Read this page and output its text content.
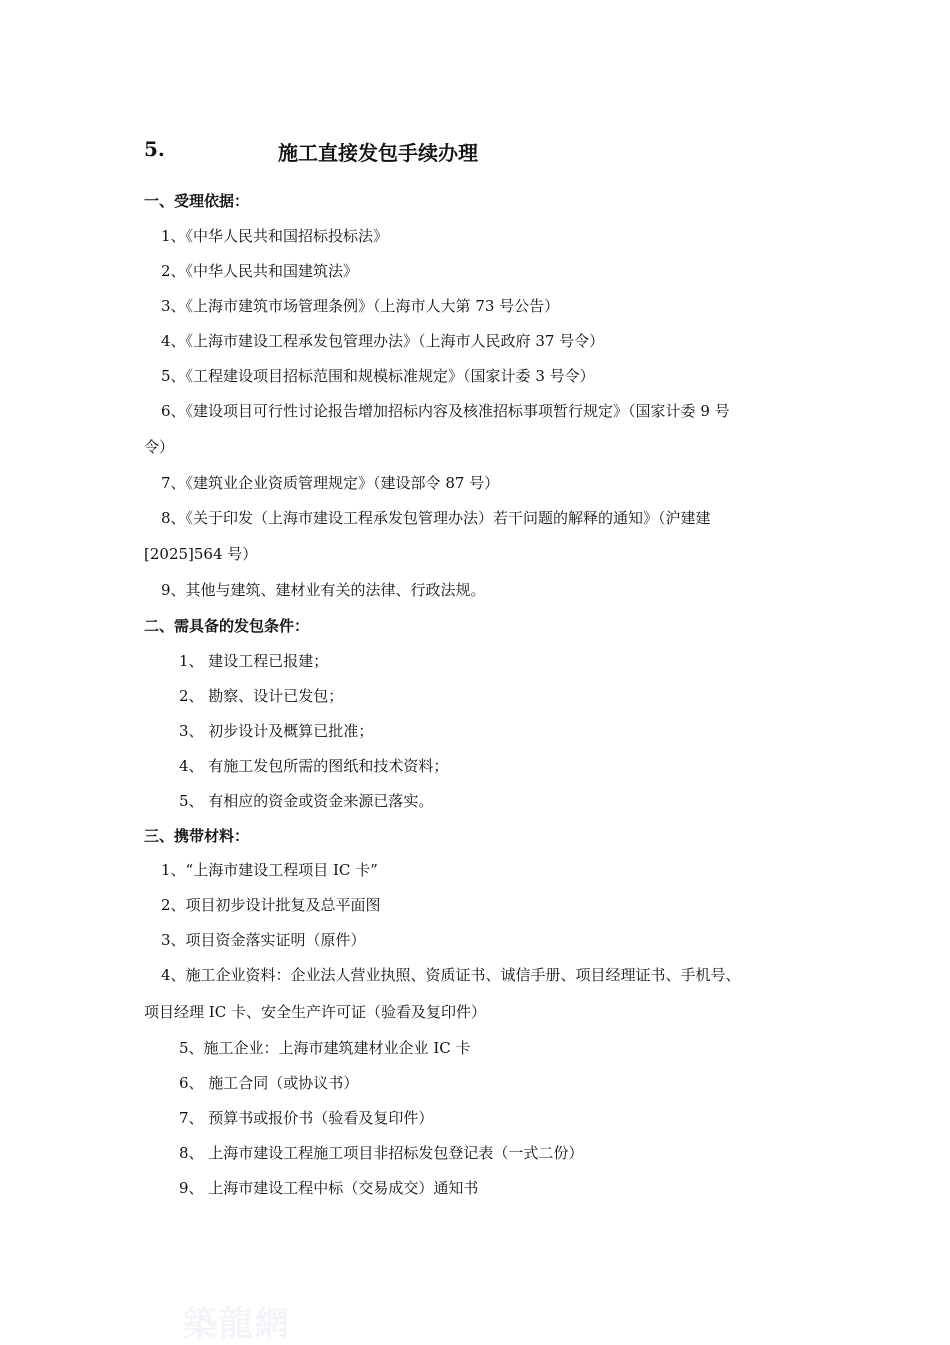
5.	施工直接发包手续办理
一、受理依据：
1、《中华人民共和国招标投标法》
2、《中华人民共和国建筑法》
3、《上海市建筑市场管理条例》（上海市人大第 73 号公告）
4、《上海市建设工程承发包管理办法》（上海市人民政府 37 号令）
5、《工程建设项目招标范围和规模标准规定》（国家计委 3 号令）
6、《建设项目可行性讨论报告增加招标内容及核准招标事项暂行规定》（国家计委 9 号
令）
7、《建筑业企业资质管理规定》（建设部令 87 号）
8、《关于印发（上海市建设工程承发包管理办法）若干问题的解释的通知》（沪建建
[2025]564 号）
9、其他与建筑、建材业有关的法律、行政法规。
二、需具备的发包条件：
1、 建设工程已报建；
2、 勘察、设计已发包；
3、 初步设计及概算已批准；
4、 有施工发包所需的图纸和技术资料；
5、 有相应的资金或资金来源已落实。
三、携带材料：
1、“上海市建设工程项目 IC 卡”
2、项目初步设计批复及总平面图
3、项目资金落实证明（原件）
4、施工企业资料：企业法人营业执照、资质证书、诚信手册、项目经理证书、手机号、
项目经理 IC 卡、安全生产许可证（验看及复印件）
5、施工企业：上海市建筑建材业企业 IC 卡
6、 施工合同（或协议书）
7、 预算书或报价书（验看及复印件）
8、 上海市建设工程施工项目非招标发包登记表（一式二份）
9、 上海市建设工程中标（交易成交）通知书
築龍網
